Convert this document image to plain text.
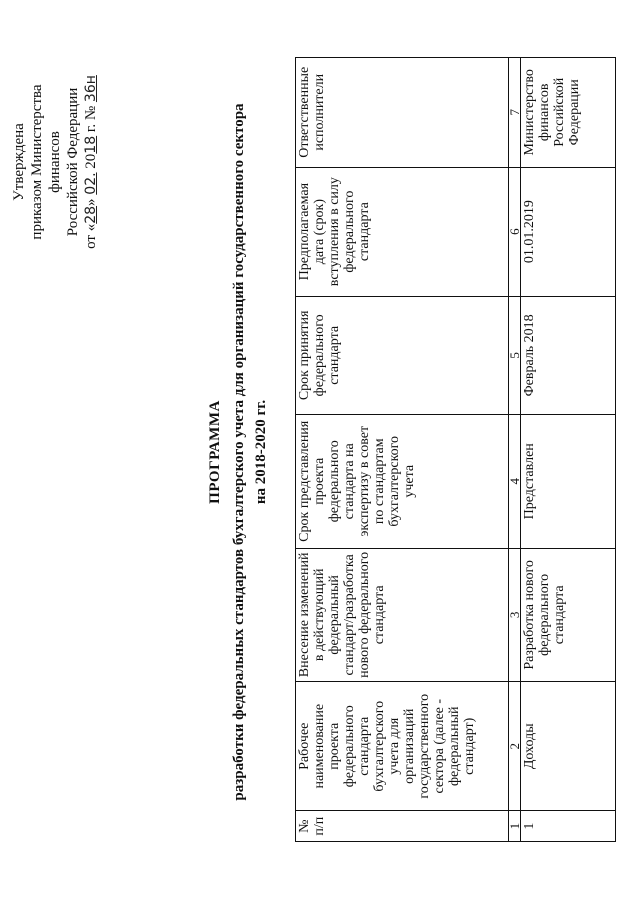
Утверждена приказом Министерства финансов Российской Федерации
от «28» 02. 2018 г. № 36н
ПРОГРАММА разработки федеральных стандартов бухгалтерского учета для организаций государственного сектора на 2018-2020 гг.
№ п/п	Рабочее наименование проекта федерального стандарта бухгалтерского учета для организаций государственного сектора (далее - федеральный стандарт)	Внесение изменений в действующий федеральный стандарт/разработка нового федерального стандарта	Срок представления проекта федерального стандарта на экспертизу в совет по стандартам бухгалтерского учета	Срок принятия федерального стандарта	Предполагаемая дата (срок) вступления в силу федерального стандарта	Ответственные исполнители
1	2	3	4	5	6	7
1	Доходы	Разработка нового федерального стандарта	Представлен	Февраль 2018	01.01.2019	Министерство финансов Российской Федерации
